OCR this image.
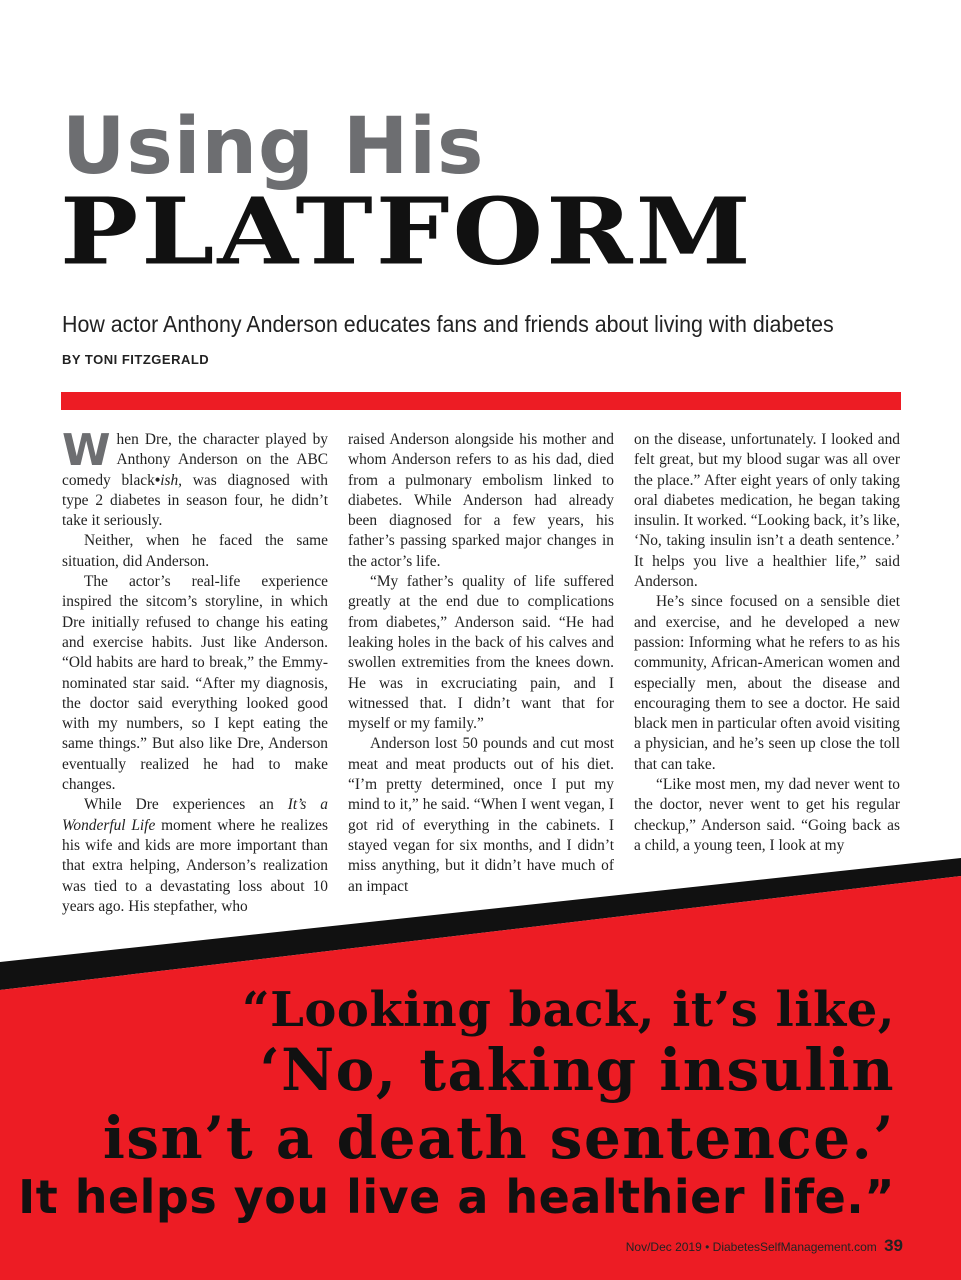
Using His
PLATFORM
How actor Anthony Anderson educates fans and friends about living with diabetes
BY TONI FITZGERALD

When Dre, the character played by Anthony Anderson on the ABC comedy black•ish, was diagnosed with type 2 diabetes in season four, he didn’t take it seriously.

Neither, when he faced the same situation, did Anderson.

The actor’s real-life experience inspired the sitcom’s storyline, in which Dre initially refused to change his eating and exercise habits. Just like Anderson. “Old habits are hard to break,” the Emmy-nominated star said. “After my diagnosis, the doctor said everything looked good with my numbers, so I kept eating the same things.” But also like Dre, Anderson eventually realized he had to make changes.

While Dre experiences an It’s a Wonderful Life moment where he realizes his wife and kids are more important than that extra helping, Anderson’s realization was tied to a devastating loss about 10 years ago. His stepfather, who

raised Anderson alongside his mother and whom Anderson refers to as his dad, died from a pulmonary embolism linked to diabetes. While Anderson had already been diagnosed for a few years, his father’s passing sparked major changes in the actor’s life.

“My father’s quality of life suffered greatly at the end due to complications from diabetes,” Anderson said. “He had leaking holes in the back of his calves and swollen extremities from the knees down. He was in excruciating pain, and I witnessed that. I didn’t want that for myself or my family.”

Anderson lost 50 pounds and cut most meat and meat products out of his diet. “I’m pretty determined, once I put my mind to it,” he said. “When I went vegan, I got rid of everything in the cabinets. I stayed vegan for six months, and I didn’t miss anything, but it didn’t have much of an impact

on the disease, unfortunately. I looked and felt great, but my blood sugar was all over the place.” After eight years of only taking oral diabetes medication, he began taking insulin. It worked. “Looking back, it’s like, ‘No, taking insulin isn’t a death sentence.’ It helps you live a healthier life,” said Anderson.

He’s since focused on a sensible diet and exercise, and he developed a new passion: Informing what he refers to as his community, African-American women and especially men, about the disease and encouraging them to see a doctor. He said black men in particular often avoid visiting a physician, and he’s seen up close the toll that can take.

“Like most men, my dad never went to the doctor, never went to get his regular checkup,” Anderson said. “Going back as a child, a young teen, I look at my

“Looking back, it’s like,
‘No, taking insulin
isn’t a death sentence.’
It helps you live a healthier life.”
Nov/Dec 2019 • DiabetesSelfManagement.com 39
